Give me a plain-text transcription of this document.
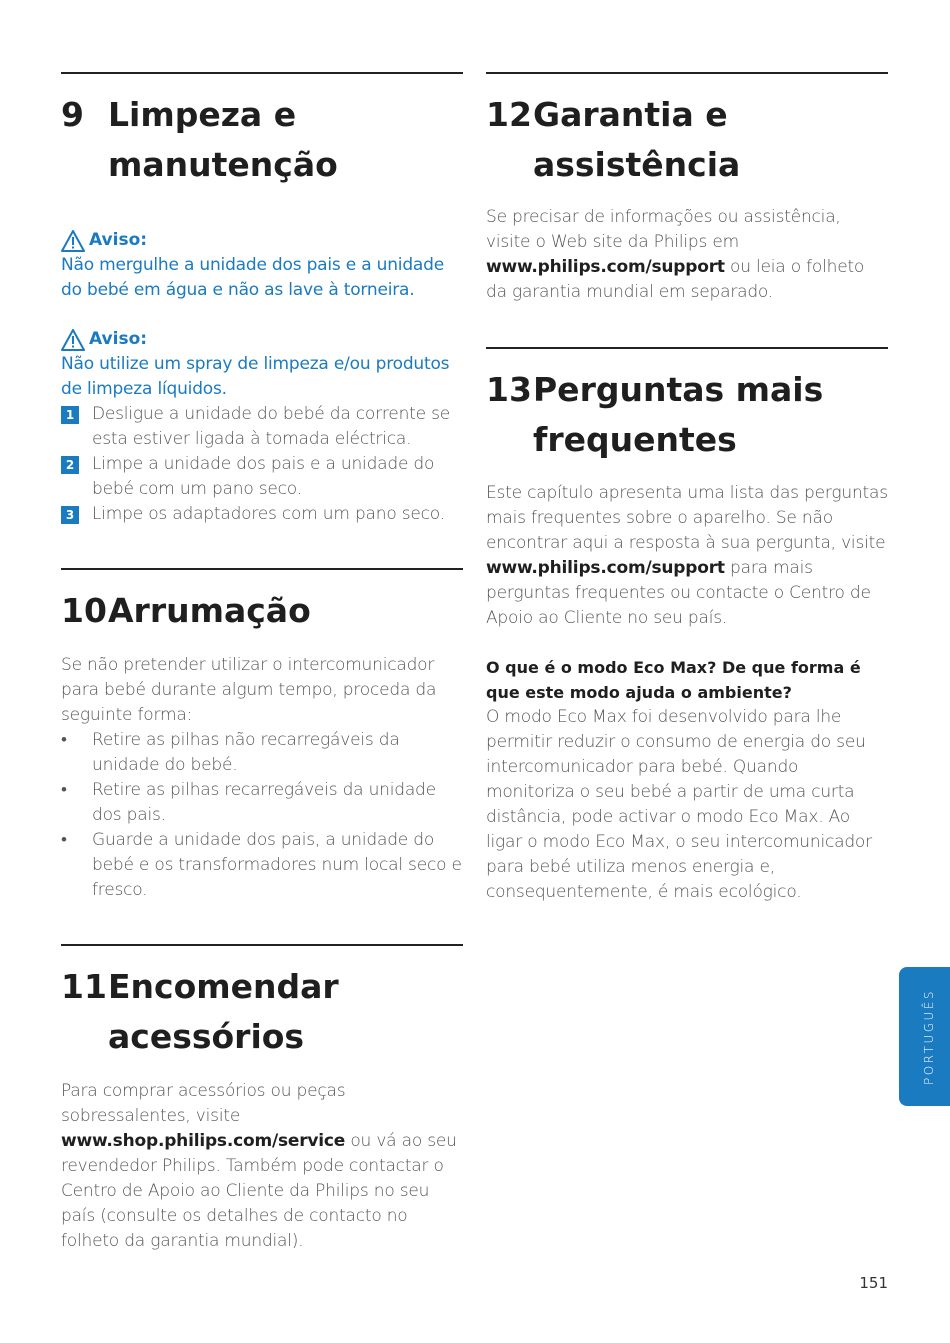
9 Limpeza e manutenção
Aviso:

Não mergulhe a unidade dos pais e a unidade do bebé em água e não as lave à torneira.

Aviso:

Não utilize um spray de limpeza e/ou produtos de limpeza líquidos.

1 Desligue a unidade do bebé da corrente se esta estiver ligada à tomada eléctrica.
2 Limpe a unidade dos pais e a unidade do bebé com um pano seco.
3 Limpe os adaptadores com um pano seco.
10 Arrumação

Se não pretender utilizar o intercomunicador para bebé durante algum tempo, proceda da seguinte forma:

•	Retire as pilhas não recarregáveis da unidade do bebé.
•	Retire as pilhas recarregáveis da unidade dos pais.
•	Guarde a unidade dos pais, a unidade do bebé e os transformadores num local seco e fresco.
11 Encomendar acessórios

Para comprar acessórios ou peças sobressalentes, visite www.shop.philips.com/service ou vá ao seu revendedor Philips. Também pode contactar o Centro de Apoio ao Cliente da Philips no seu país (consulte os detalhes de contacto no folheto da garantia mundial).

12 Garantia e assistência

Se precisar de informações ou assistência, visite o Web site da Philips em www.philips.com/support ou leia o folheto da garantia mundial em separado.

13 Perguntas mais frequentes

Este capítulo apresenta uma lista das perguntas mais frequentes sobre o aparelho. Se não encontrar aqui a resposta à sua pergunta, visite www.philips.com/support para mais perguntas frequentes ou contacte o Centro de Apoio ao Cliente no seu país.

O que é o modo Eco Max? De que forma é que este modo ajuda o ambiente?

O modo Eco Max foi desenvolvido para lhe permitir reduzir o consumo de energia do seu intercomunicador para bebé. Quando monitoriza o seu bebé a partir de uma curta distância, pode activar o modo Eco Max. Ao ligar o modo Eco Max, o seu intercomunicador para bebé utiliza menos energia e, consequentemente, é mais ecológico.

PORTUGUÊS
151
